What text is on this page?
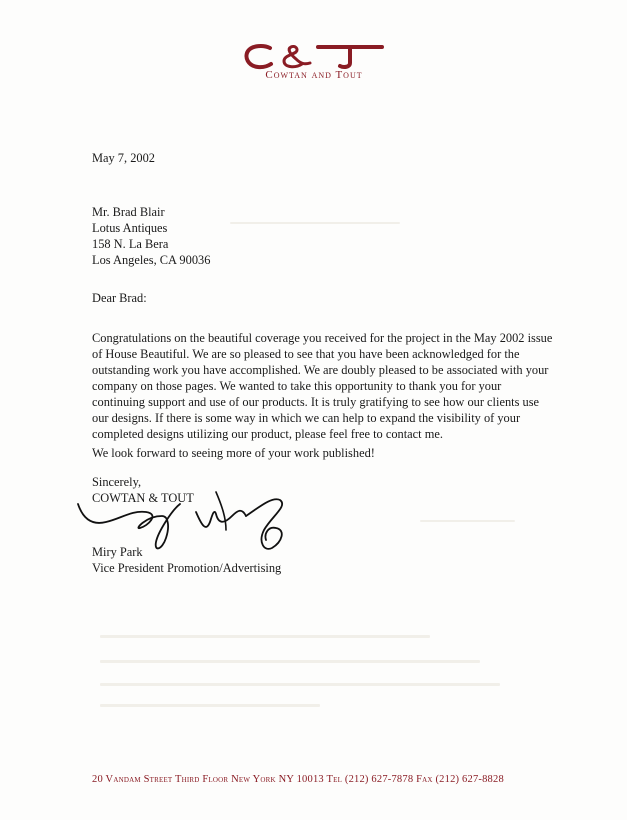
Cowtan and Tout
May 7, 2002
Mr. Brad Blair
Lotus Antiques
158 N. La Bera
Los Angeles, CA 90036
Dear Brad:
Congratulations on the beautiful coverage you received for the project in the May 2002 issue
of House Beautiful. We are so pleased to see that you have been acknowledged for the
outstanding work you have accomplished. We are doubly pleased to be associated with your
company on those pages. We wanted to take this opportunity to thank you for your
continuing support and use of our products. It is truly gratifying to see how our clients use
our designs. If there is some way in which we can help to expand the visibility of your
completed designs utilizing our product, please feel free to contact me.
We look forward to seeing more of your work published!
Sincerely,
COWTAN & TOUT
Miry Park
Vice President Promotion/Advertising
20 Vandam Street Third Floor New York NY 10013 Tel (212) 627-7878 Fax (212) 627-8828
